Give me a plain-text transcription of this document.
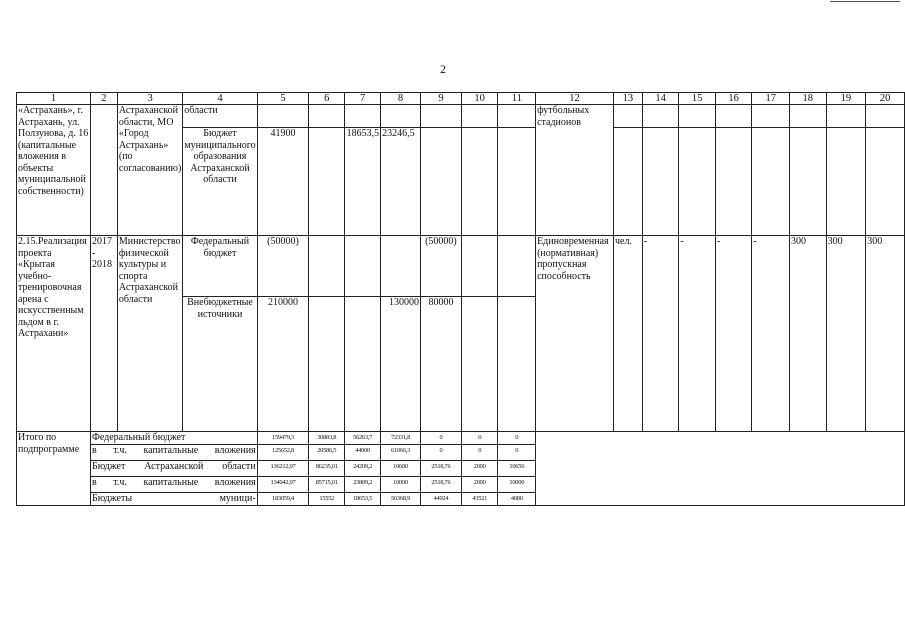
2
1	2	3	4	5	6	7	8	9	10	11	12	13	14	15	16	17	18	19	20
«Астрахань», г. Астрахань, ул. Ползунова, д. 16 (капитальные вложения в объекты муниципальной собственности)		Астраханской области, МО «Город Астрахань» (по согласованию)	области								футбольных стадионов								
			Бюджет муниципального образования Астраханской области	41900		18653,5	23246,5												
2.15.Реализация проекта «Крытая учебно-тренировочная арена с искусственным льдом в г. Астрахани»	2017 - 2018	Министерство физической культуры и спорта Астраханской области	Федеральный бюджет	(50000)				(50000)			Единовременная (нормативная) пропускная способность	чел.	-	-	-	-	300	300	300
			Внебюджетные источники	210000			130000	80000											
Итого по подпрограмме	Федеральный бюджет			159479,3	30883,8	56263,7	72331,8	0	0	0									
	в т.ч. капитальные вложения			125652,8	20586,5	44000	61066,3	0	0	0									
	Бюджет Астраханской области			136212,97	86235,01	24209,2	10600	2518,76	2000	10650									
	в т.ч. капитальные вложения			134042,97	85715,01	23809,2	10000	2518,76	2000	10000									
	Бюджеты муници-			183059,4	15552	18653,5	56368,9	44924	43521	4080									
